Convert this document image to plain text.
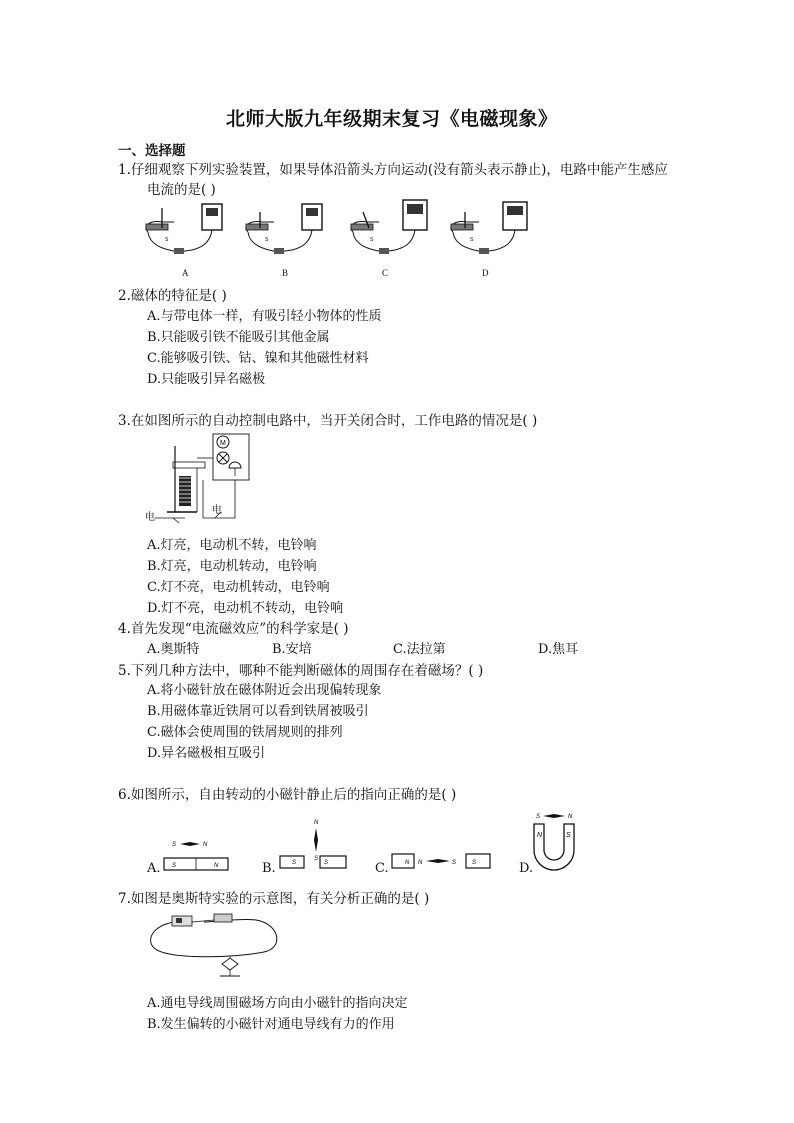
北师大版九年级期末复习《电磁现象》
一、选择题
1.仔细观察下列实验装置，如果导体沿箭头方向运动(没有箭头表示静止)，电路中能产生感应
电流的是( )
S	S	S	S
A	B	C	D
2.磁体的特征是( )
A.与带电体一样，有吸引轻小物体的性质
B.只能吸引铁不能吸引其他金属
C.能够吸引铁、钴、镍和其他磁性材料
D.只能吸引异名磁极
3.在如图所示的自动控制电路中，当开关闭合时，工作电路的情况是( )
M
电
电
A.灯亮，电动机不转，电铃响
B.灯亮，电动机转动，电铃响
C.灯不亮，电动机转动，电铃响
D.灯不亮，电动机不转动，电铃响
4.首先发现“电流磁效应”的科学家是( )
A.奥斯特	B.安培	C.法拉第	D.焦耳
5.下列几种方法中，哪种不能判断磁体的周围存在着磁场？( )
A.将小磁针放在磁体附近会出现偏转现象
B.用磁体靠近铁屑可以看到铁屑被吸引
C.磁体会使周围的铁屑规则的排列
D.异名磁极相互吸引
6.如图所示，自由转动的小磁针静止后的指向正确的是( )
A.	B.	C.	D.
S	N
S	N
N
S
S	S	N N	S	S
S	N
N	S
7.如图是奥斯特实验的示意图，有关分析正确的是( )
A.通电导线周围磁场方向由小磁针的指向决定
B.发生偏转的小磁针对通电导线有力的作用
